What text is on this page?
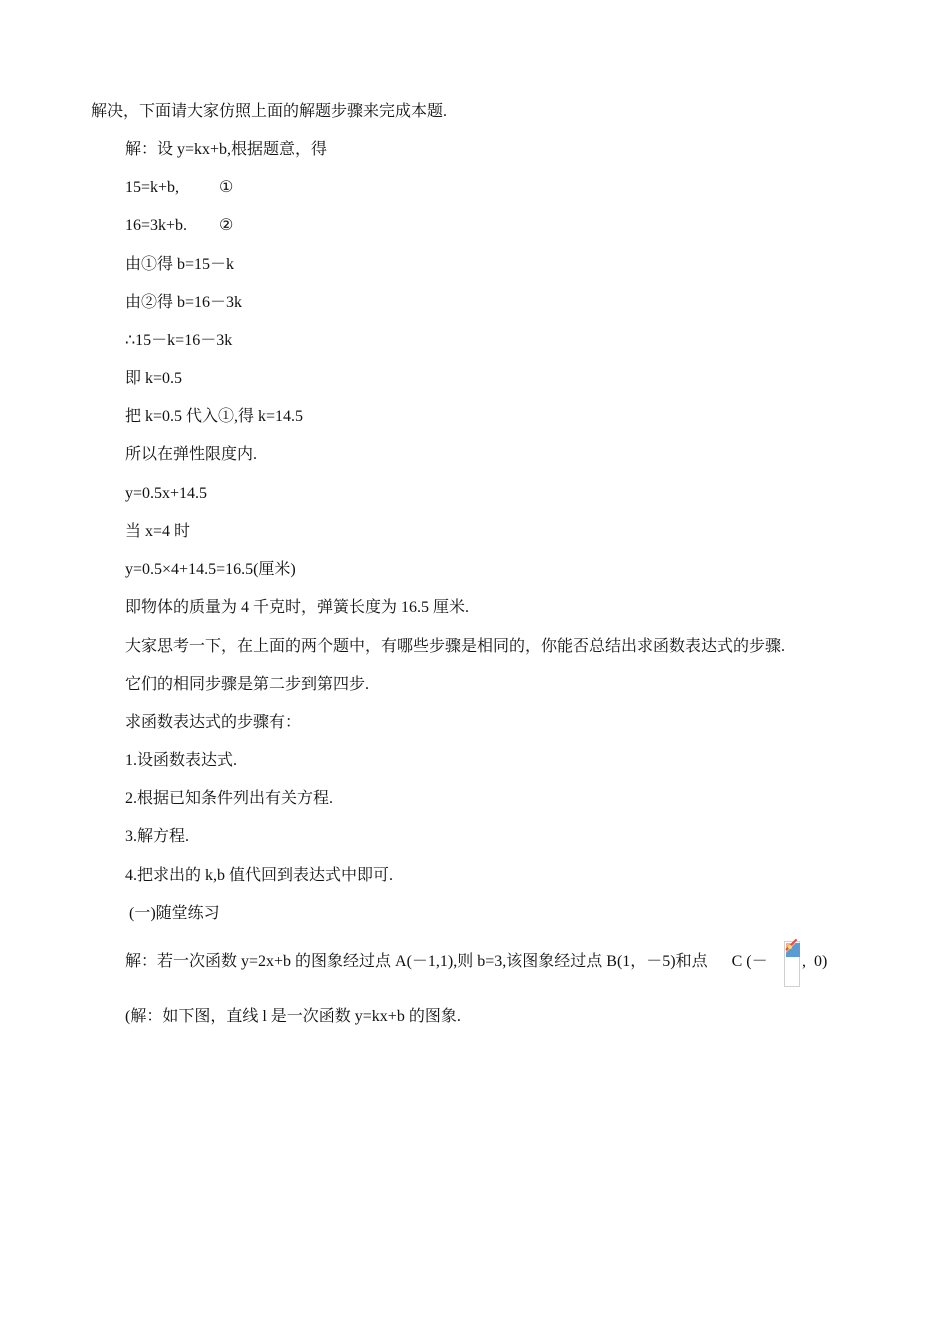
解决，下面请大家仿照上面的解题步骤来完成本题.
解：设 y=kx+b,根据题意，得
15=k+b,          ①
16=3k+b.        ②
由①得 b=15－k
由②得 b=16－3k
∴15－k=16－3k
即 k=0.5
把 k=0.5 代入①,得 k=14.5
所以在弹性限度内.
y=0.5x+14.5
当 x=4 时
y=0.5×4+14.5=16.5(厘米)
即物体的质量为 4 千克时，弹簧长度为 16.5 厘米.
大家思考一下，在上面的两个题中，有哪些步骤是相同的，你能否总结出求函数表达式的步骤.
它们的相同步骤是第二步到第四步.
求函数表达式的步骤有：
1.设函数表达式.
2.根据已知条件列出有关方程.
3.解方程.
4.把求出的 k,b 值代回到表达式中即可.
(一)随堂练习
解：若一次函数 y=2x+b 的图象经过点 A(－1,1),则 b=3,该图象经过点 B(1，－5)和点      C (－ ,  0)
(解：如下图，直线 l 是一次函数 y=kx+b 的图象.
